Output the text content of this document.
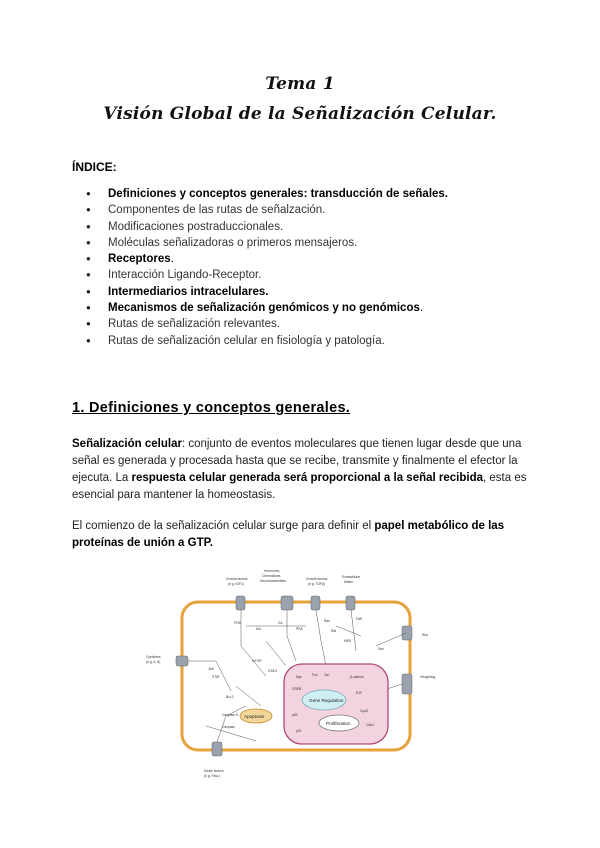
Tema 1
Visión Global de la Señalización Celular.
ÍNDICE:
● Definiciones y conceptos generales: transducción de señales.
● Componentes de las rutas de señalzación.
● Modificaciones postraduccionales.
● Moléculas señalizadoras o primeros mensajeros.
● Receptores.
● Interacción Ligando-Receptor.
● Intermediarios intracelulares.
● Mecanismos de señalización genómicos y no genómicos.
● Rutas de señalización relevantes.
● Rutas de señalización celular en fisiología y patología.
1. Definiciones y conceptos generales.
Señalización celular: conjunto de eventos moleculares que tienen lugar desde que una señal es generada y procesada hasta que se recibe, transmite y finalmente el efector la ejecuta. La respuesta celular generada será proporcional a la señal recibida, esta es esencial para mantener la homeostasis.
El comienzo de la señalización celular surge para definir el papel metabólico de las proteínas de unión a GTP.
Growth factors
(e.g. IGF1)
Hormones,
Chemokines,
Neurotransmitters	Growth factors
(e.g. TGFβ)
Extracellular
Matrix
Cytokines
(e.g. IL-6)
Death factors
(e.g. FasL)
Wnt
Hedgehog
PI3K
Akt
Gα
PKA
Ras
Raf
MEK
FAK
JAK
STAT
Bcl-2
Caspase 8
Caspase
mTOR
GSK3
Dsh
Gene Regulation
Proliferation
Apoptosis
Myc	Fos Jun	β-catenin
CREB
E2F
p53
CycD
Cdk4
p21
